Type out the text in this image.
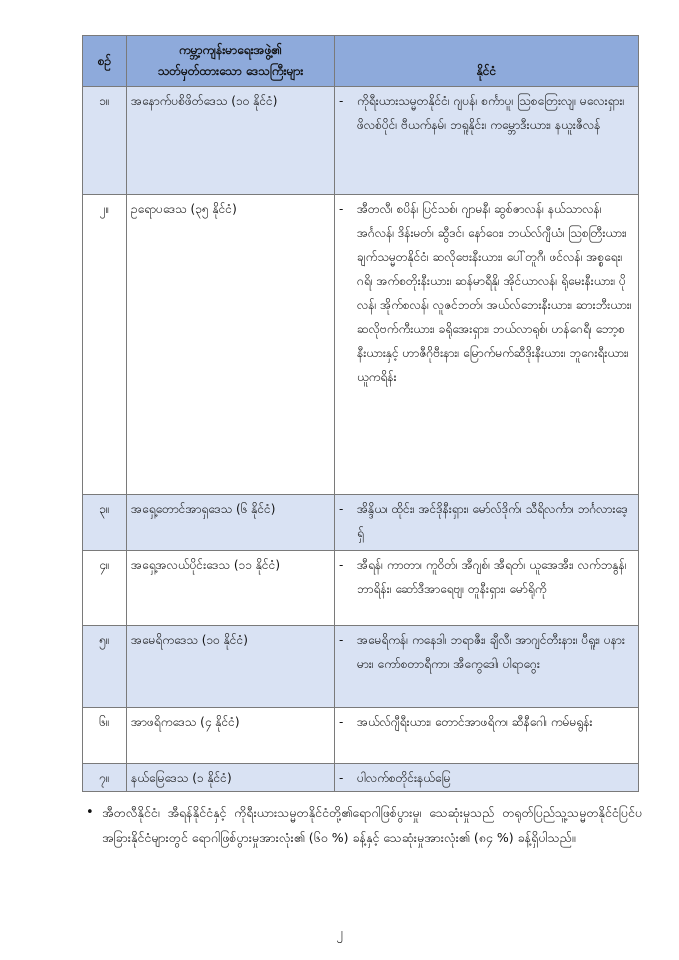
စဉ်	ကမ္ဘာ့ကျန်းမာရေးအဖွဲ့၏
သတ်မှတ်ထားသော ဒေသကြီးများ	နိုင်ငံ
၁။	အနောက်ပစိဖိတ်ဒေသ (၁၀ နိုင်ငံ)	- ကိုရီးယားသမ္မတနိုင်ငံ၊ ဂျပန်၊ စင်္ကာပူ၊ ဩစတြေးလျ၊ မလေးရှား၊ ဖိလစ်ပိုင်၊ ဗီယက်နမ်၊ ဘရူနိုင်း၊ ကမ္ဘောဒီးယား၊ နယူးဇီလန်

၂။	ဥရောပဒေသ (၃၅ နိုင်ငံ)	- အီတလီ၊ စပိန်၊ ပြင်သစ်၊ ဂျာမနီ၊ ဆွစ်ဇာလန်၊ နယ်သာလန်၊ အင်္ဂလန်၊ ဒိန်းမတ်၊ ဆွီဒင်၊ နော်ဝေး၊ ဘယ်လ်ဂျီယံ၊ ဩစတြီးယား၊ ချက်သမ္မတနိုင်ငံ၊ ဆလိုဗေးနီးယား၊ ပေါ်တူဂီ၊ ဖင်လန်၊ အစ္စရေး၊ ဂရိ၊ အက်စတိုးနီးယား၊ ဆန်မာရီနို၊ အိုင်ယာလန်၊ ရိုမေးနီးယား၊ ပိုလန်၊ အိုက်စလန်၊ လူဇင်ဘတ်၊ အယ်လ်ဘေးနီးယား၊ ဆားဘီးယား၊ ဆလိုဗက်ကီးယား၊ ခရိုအေးရှား၊ ဘယ်လာရုစ်၊ ဟန်ဂေရီ၊ ဘော့စနီးယားနှင့် ဟာဇီဂိုဗီးနား၊ မြောက်မက်ဆီဒိုးနီးယား၊ ဘူဂေးရီးယား၊ ယူကရိန်း

၃။	အရှေ့တောင်အာရှဒေသ (၆ နိုင်ငံ)	- အိန္ဒိယ၊ ထိုင်း၊ အင်ဒိုနီးရှား၊ မော်လ်ဒိုက်၊ သီရိလင်္ကာ၊ ဘင်္ဂလားဒေ့ရှ်

၄။	အရှေ့အလယ်ပိုင်းဒေသ (၁၁ နိုင်ငံ)	- အီရန်၊ ကာတာ၊ ကူဝိတ်၊ အီဂျစ်၊ အီရတ်၊ ယူအေအီး၊ လက်ဘနွန်၊ ဘာရိန်း၊ ဆော်ဒီအာရေဗျ၊ တူနီးရှား၊ မော်ရိုကို

၅။	အမေရိကဒေသ (၁၀ နိုင်ငံ)	- အမေရိကန်၊ ကနေဒါ၊ ဘရာဇီး၊ ချီလီ၊ အာဂျင်တီးနား၊ ပီရူး၊ ပနားမား၊ ကော်စတာရီကာ၊ အီကွေဒေါ၊ ပါရာဂွေး

၆။	အာဖရိကဒေသ (၄ နိုင်ငံ)	- အယ်လ်ဂျီရီးယား၊ တောင်အာဖရိက၊ ဆီနီဂေါ၊ ကမ်မရွန်း

၇။	နယ်မြေဒေသ (၁ နိုင်ငံ)	- ပါလက်စတိုင်းနယ်မြေ
• အီတလီနိုင်ငံ၊ အီရန်နိုင်ငံနှင့် ကိုရီးယားသမ္မတနိုင်ငံတို့၏ရောဂါဖြစ်ပွားမှု၊ သေဆုံးမှုသည် တရုတ်ပြည်သူ့သမ္မတနိုင်ငံပြင်ပ အခြားနိုင်ငံများတွင် ရောဂါဖြစ်ပွားမှုအားလုံး၏ (၆၀ %) ခန့်နှင့် သေဆုံးမှုအားလုံး၏ (၈၄ %) ခန့်ရှိပါသည်။
၂
